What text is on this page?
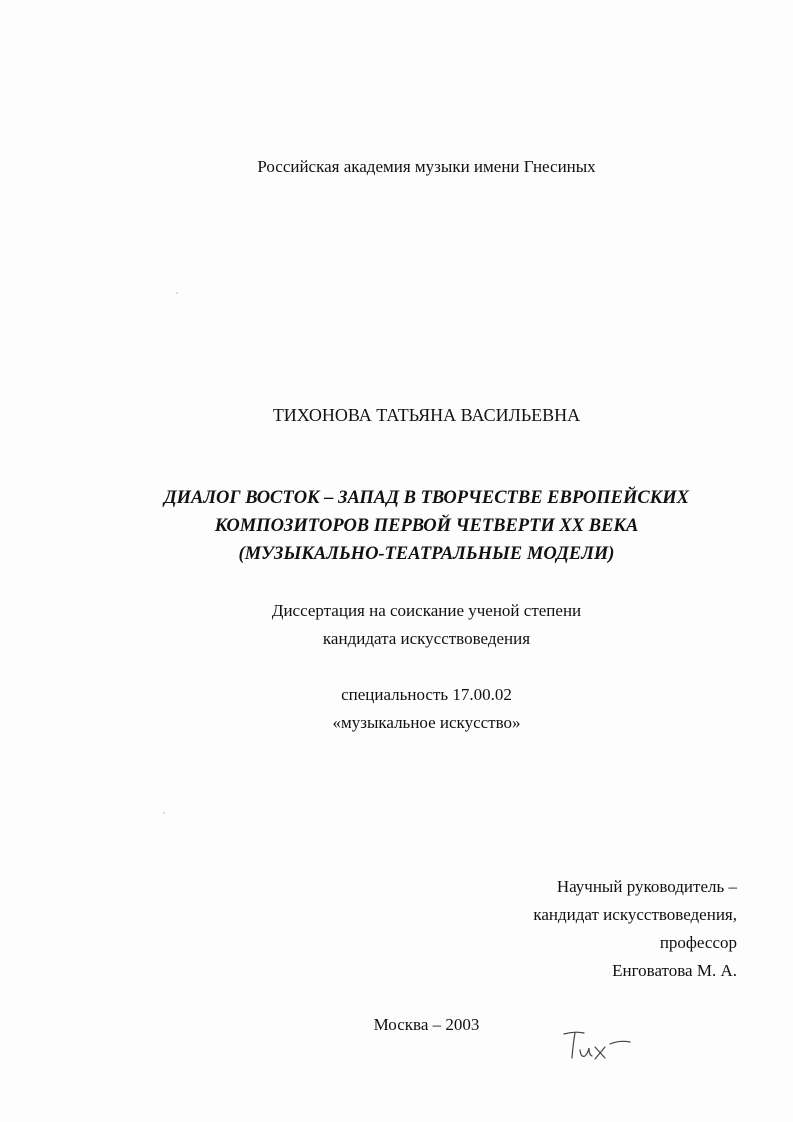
Российская академия музыки имени Гнесиных
ТИХОНОВА ТАТЬЯНА ВАСИЛЬЕВНА
ДИАЛОГ ВОСТОК – ЗАПАД В ТВОРЧЕСТВЕ ЕВРОПЕЙСКИХ
КОМПОЗИТОРОВ ПЕРВОЙ ЧЕТВЕРТИ XX ВЕКА
(МУЗЫКАЛЬНО-ТЕАТРАЛЬНЫЕ МОДЕЛИ)
Диссертация на соискание ученой степени
кандидата искусствоведения
специальность 17.00.02
«музыкальное искусство»
Научный руководитель –
кандидат искусствоведения,
профессор
Енговатова М. А.
Москва – 2003
